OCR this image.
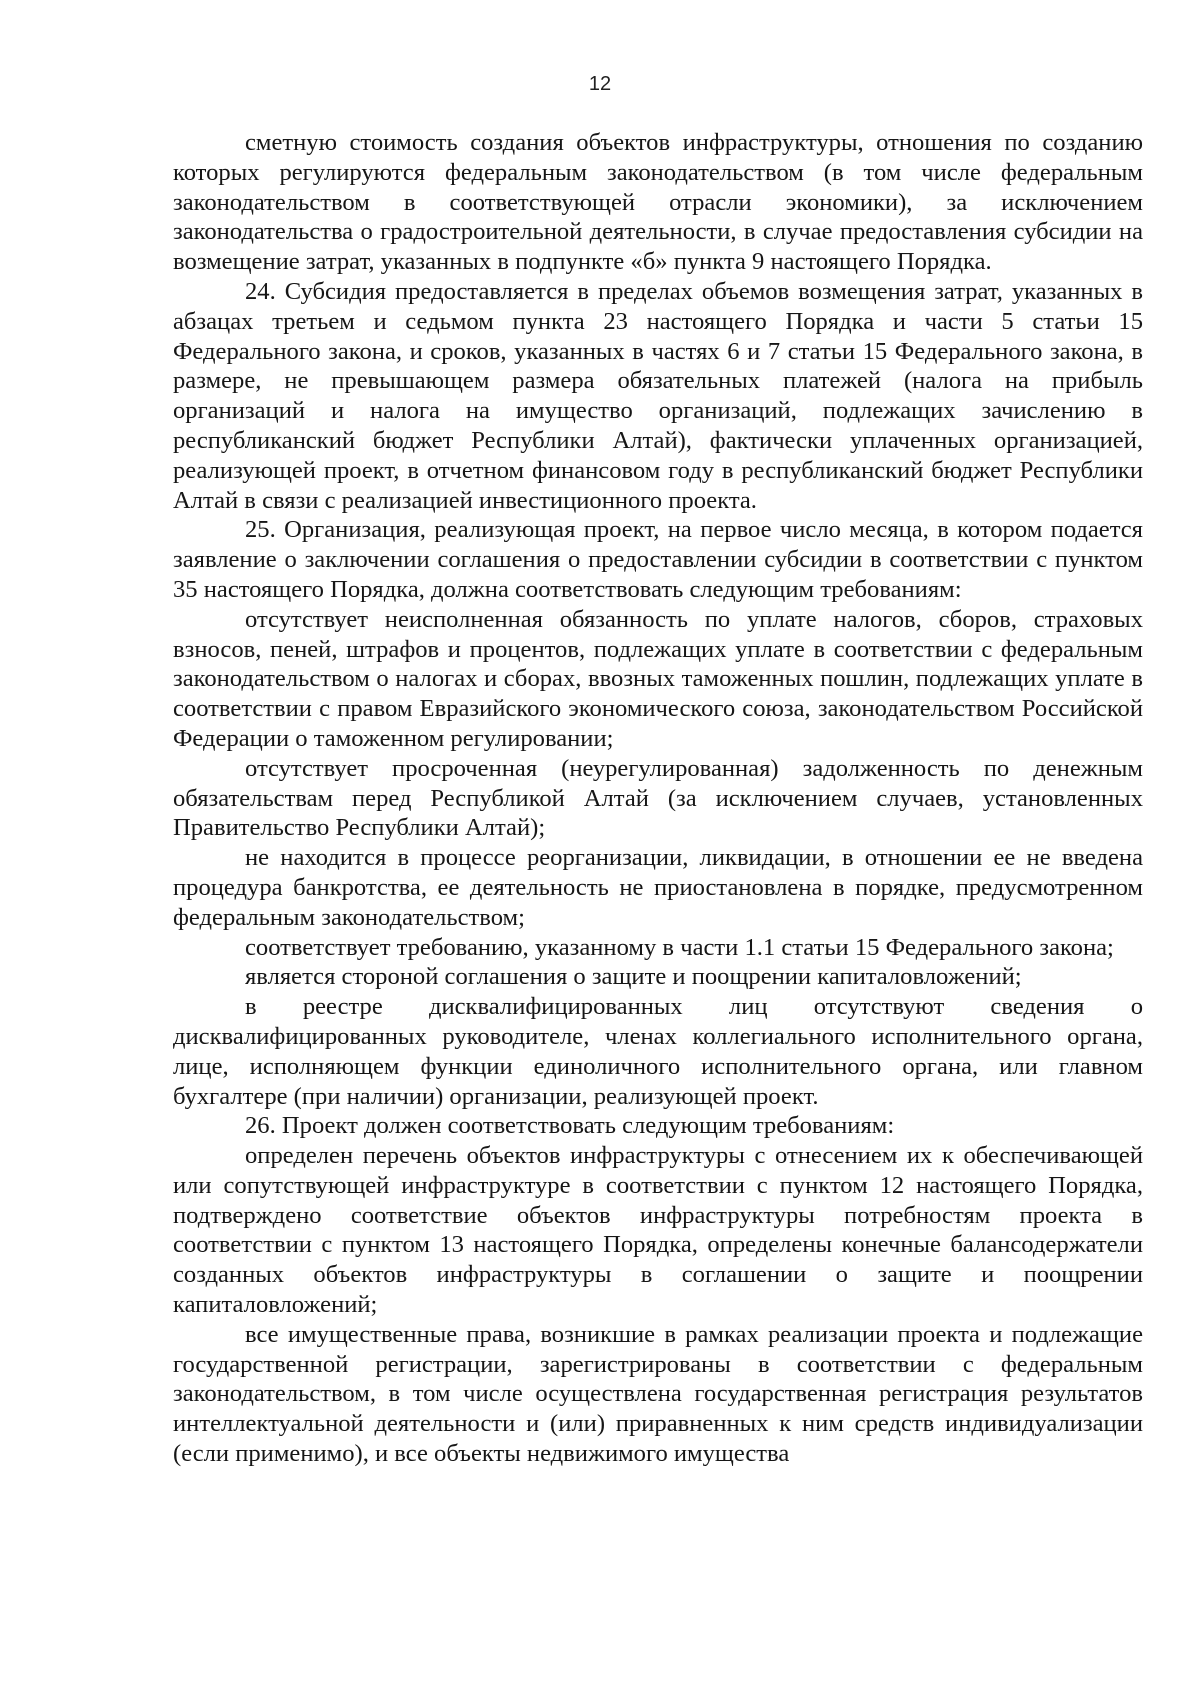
12

сметную стоимость создания объектов инфраструктуры, отношения по созданию которых регулируются федеральным законодательством (в том числе федеральным законодательством в соответствующей отрасли экономики), за исключением законодательства о градостроительной деятельности, в случае предоставления субсидии на возмещение затрат, указанных в подпункте «б» пункта 9 настоящего Порядка.

24. Субсидия предоставляется в пределах объемов возмещения затрат, указанных в абзацах третьем и седьмом пункта 23 настоящего Порядка и части 5 статьи 15 Федерального закона, и сроков, указанных в частях 6 и 7 статьи 15 Федерального закона, в размере, не превышающем размера обязательных платежей (налога на прибыль организаций и налога на имущество организаций, подлежащих зачислению в республиканский бюджет Республики Алтай), фактически уплаченных организацией, реализующей проект, в отчетном финансовом году в республиканский бюджет Республики Алтай в связи с реализацией инвестиционного проекта.

25. Организация, реализующая проект, на первое число месяца, в котором подается заявление о заключении соглашения о предоставлении субсидии в соответствии с пунктом 35 настоящего Порядка, должна соответствовать следующим требованиям:

отсутствует неисполненная обязанность по уплате налогов, сборов, страховых взносов, пеней, штрафов и процентов, подлежащих уплате в соответствии с федеральным законодательством о налогах и сборах, ввозных таможенных пошлин, подлежащих уплате в соответствии с правом Евразийского экономического союза, законодательством Российской Федерации о таможенном регулировании;

отсутствует просроченная (неурегулированная) задолженность по денежным обязательствам перед Республикой Алтай (за исключением случаев, установленных Правительство Республики Алтай);

не находится в процессе реорганизации, ликвидации, в отношении ее не введена процедура банкротства, ее деятельность не приостановлена в порядке, предусмотренном федеральным законодательством;

соответствует требованию, указанному в части 1.1 статьи 15 Федерального закона;

является стороной соглашения о защите и поощрении капиталовложений;

в реестре дисквалифицированных лиц отсутствуют сведения о дисквалифицированных руководителе, членах коллегиального исполнительного органа, лице, исполняющем функции единоличного исполнительного органа, или главном бухгалтере (при наличии) организации, реализующей проект.

26. Проект должен соответствовать следующим требованиям:

определен перечень объектов инфраструктуры с отнесением их к обеспечивающей или сопутствующей инфраструктуре в соответствии с пунктом 12 настоящего Порядка, подтверждено соответствие объектов инфраструктуры потребностям проекта в соответствии с пунктом 13 настоящего Порядка, определены конечные балансодержатели созданных объектов инфраструктуры в соглашении о защите и поощрении капиталовложений;

все имущественные права, возникшие в рамках реализации проекта и подлежащие государственной регистрации, зарегистрированы в соответствии с федеральным законодательством, в том числе осуществлена государственная регистрация результатов интеллектуальной деятельности и (или) приравненных к ним средств индивидуализации (если применимо), и все объекты недвижимого имущества
